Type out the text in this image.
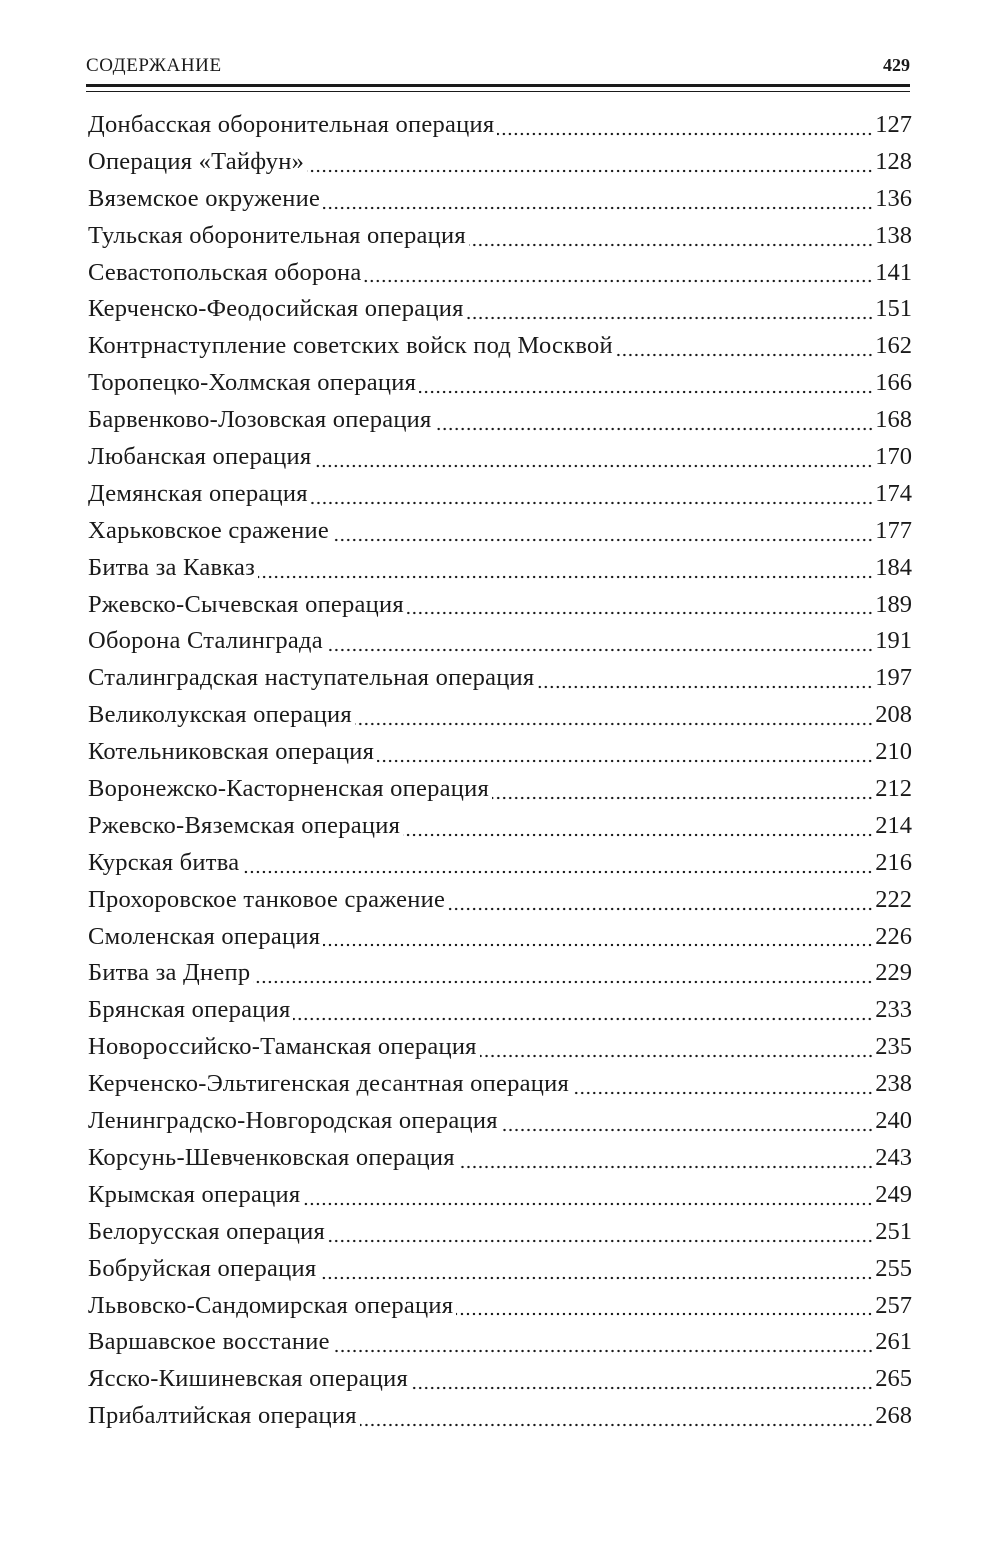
СОДЕРЖАНИЕ	429
Донбасская оборонительная операция	127
Операция «Тайфун»	128
Вяземское окружение	136
Тульская оборонительная операция	138
Севастопольская оборона	141
Керченско-Феодосийская операция	151
Контрнаступление советских войск под Москвой	162
Торопецко-Холмская операция	166
Барвенково-Лозовская операция	168
Любанская операция	170
Демянская операция	174
Харьковское сражение	177
Битва за Кавказ	184
Ржевско-Сычевская операция	189
Оборона Сталинграда	191
Сталинградская наступательная операция	197
Великолукская операция	208
Котельниковская операция	210
Воронежско-Касторненская операция	212
Ржевско-Вяземская операция	214
Курская битва	216
Прохоровское танковое сражение	222
Смоленская операция	226
Битва за Днепр	229
Брянская операция	233
Новороссийско-Таманская операция	235
Керченско-Эльтигенская десантная операция	238
Ленинградско-Новгородская операция	240
Корсунь-Шевченковская операция	243
Крымская операция	249
Белорусская операция	251
Бобруйская операция	255
Львовско-Сандомирская операция	257
Варшавское восстание	261
Ясско-Кишиневская операция	265
Прибалтийская операция	268
